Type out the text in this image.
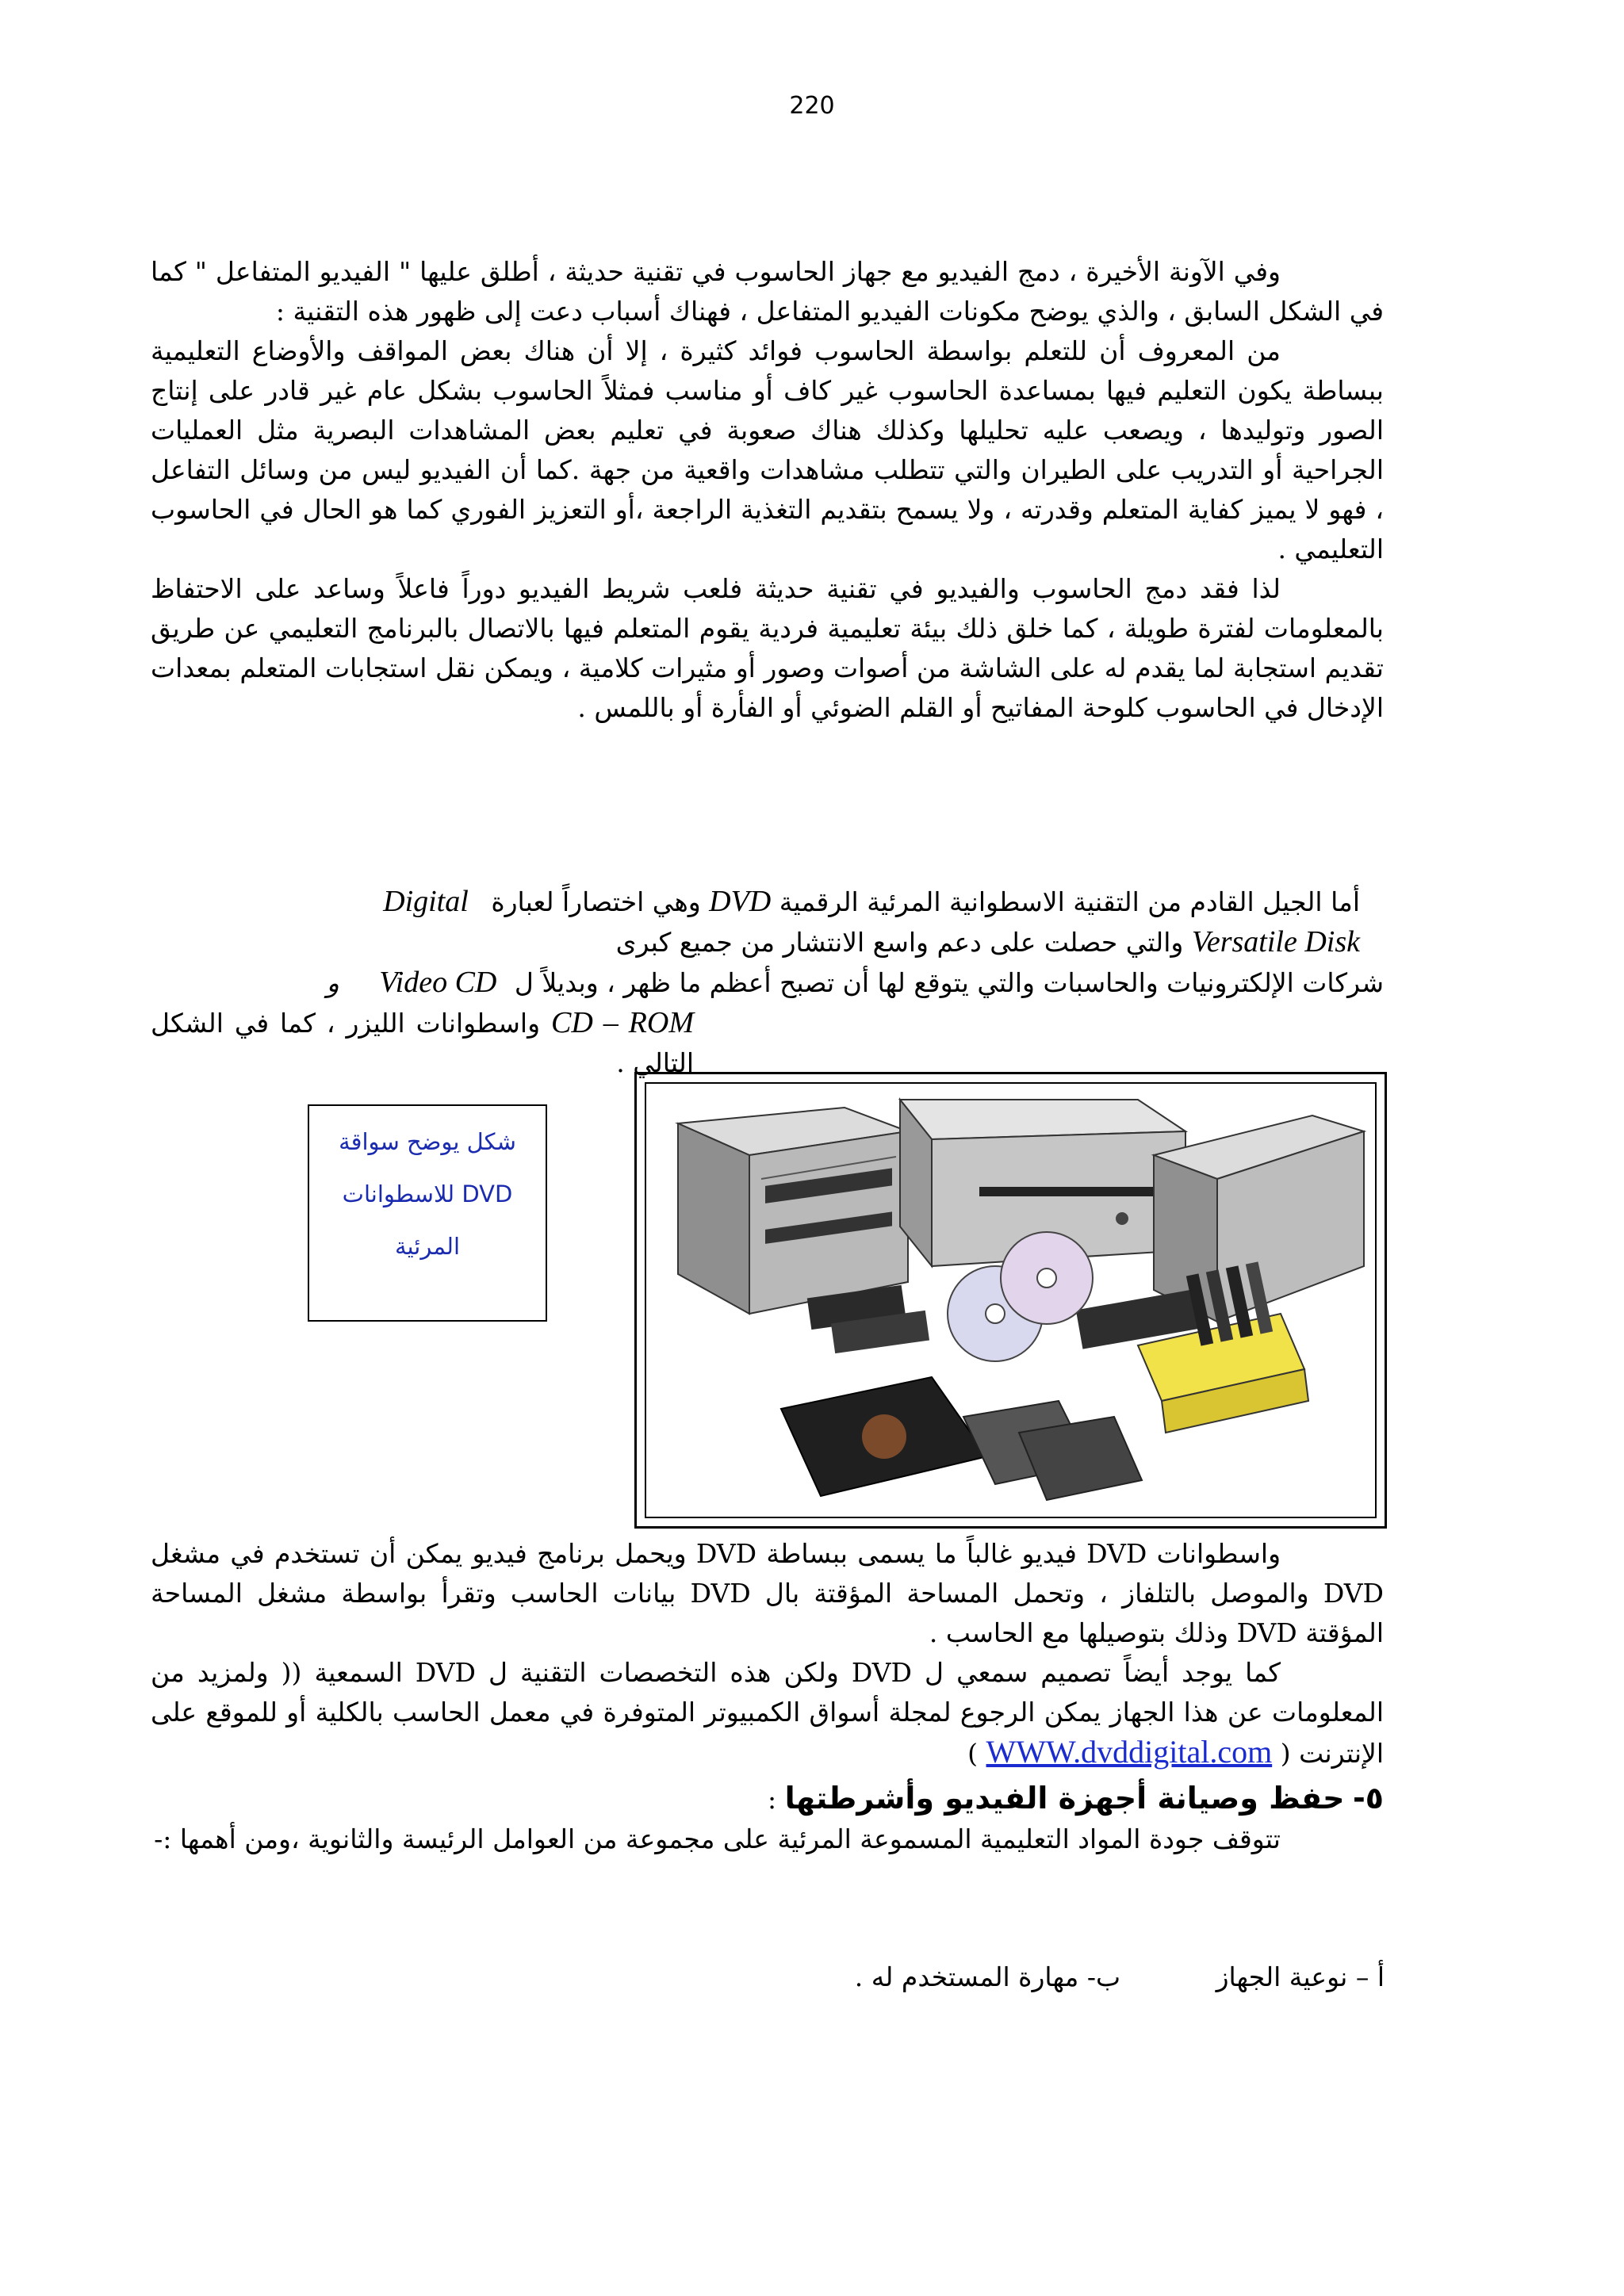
220

وفي الآونة الأخيرة ، دمج الفيديو مع جهاز الحاسوب في تقنية حديثة ، أطلق عليها " الفيديو المتفاعل " كما في الشكل السابق ، والذي يوضح مكونات الفيديو المتفاعل ، فهناك أسباب دعت إلى ظهور هذه التقنية :

من المعروف أن للتعلم بواسطة الحاسوب فوائد كثيرة ، إلا أن هناك بعض المواقف والأوضاع التعليمية ببساطة يكون التعليم فيها بمساعدة الحاسوب غير كاف أو مناسب فمثلاً الحاسوب بشكل عام غير قادر على إنتاج الصور وتوليدها ، ويصعب عليه تحليلها وكذلك هناك صعوبة في تعليم بعض المشاهدات البصرية مثل العمليات الجراحية أو التدريب على الطيران والتي تتطلب مشاهدات واقعية من جهة .كما أن الفيديو ليس من وسائل التفاعل ، فهو لا يميز كفاية المتعلم وقدرته ، ولا يسمح بتقديم التغذية الراجعة ،أو التعزيز الفوري كما هو الحال في الحاسوب التعليمي .

لذا فقد دمج الحاسوب والفيديو في تقنية حديثة فلعب شريط الفيديو دوراً فاعلاً وساعد على الاحتفاظ بالمعلومات لفترة طويلة ، كما خلق ذلك بيئة تعليمية فردية يقوم المتعلم فيها بالاتصال بالبرنامج التعليمي عن طريق تقديم استجابة لما يقدم له على الشاشة من أصوات وصور أو مثيرات كلامية ، ويمكن نقل استجابات المتعلم بمعدات الإدخال في الحاسوب كلوحة المفاتيح أو القلم الضوئي أو الفأرة أو باللمس .

أما الجيل القادم من التقنية الاسطوانية المرئية الرقمية DVD وهي اختصاراً لعبارة Digital

Versatile Disk والتي حصلت على دعم واسع الانتشار من جميع كبرى

شركات الإلكترونيات والحاسبات والتي يتوقع لها أن تصبح أعظم ما ظهر ، وبديلاً ل Video CD و

CD – ROM واسطوانات الليزر ، كما في الشكل التالي .

شكل يوضح سواقة
DVD للاسطوانات
المرئية

واسطوانات DVD فيديو غالباً ما يسمى ببساطة DVD ويحمل برنامج فيديو يمكن أن تستخدم في مشغل DVD والموصل بالتلفاز ، وتحمل المساحة المؤقتة بال DVD بيانات الحاسب وتقرأ بواسطة مشغل المساحة المؤقتة DVD وذلك بتوصيلها مع الحاسب .

كما يوجد أيضاً تصميم سمعي ل DVD ولكن هذه التخصصات التقنية ل DVD السمعية (( ولمزيد من المعلومات عن هذا الجهاز يمكن الرجوع لمجلة أسواق الكمبيوتر المتوفرة في معمل الحاسب بالكلية أو للموقع على الإنترنت ( WWW.dvddigital.com )

٥- حفظ وصيانة أجهزة الفيديو وأشرطتها :

تتوقف جودة المواد التعليمية المسموعة المرئية على مجموعة من العوامل الرئيسة والثانوية ،ومن أهمها :-

أ – نوعية الجهاز ب- مهارة المستخدم له .
